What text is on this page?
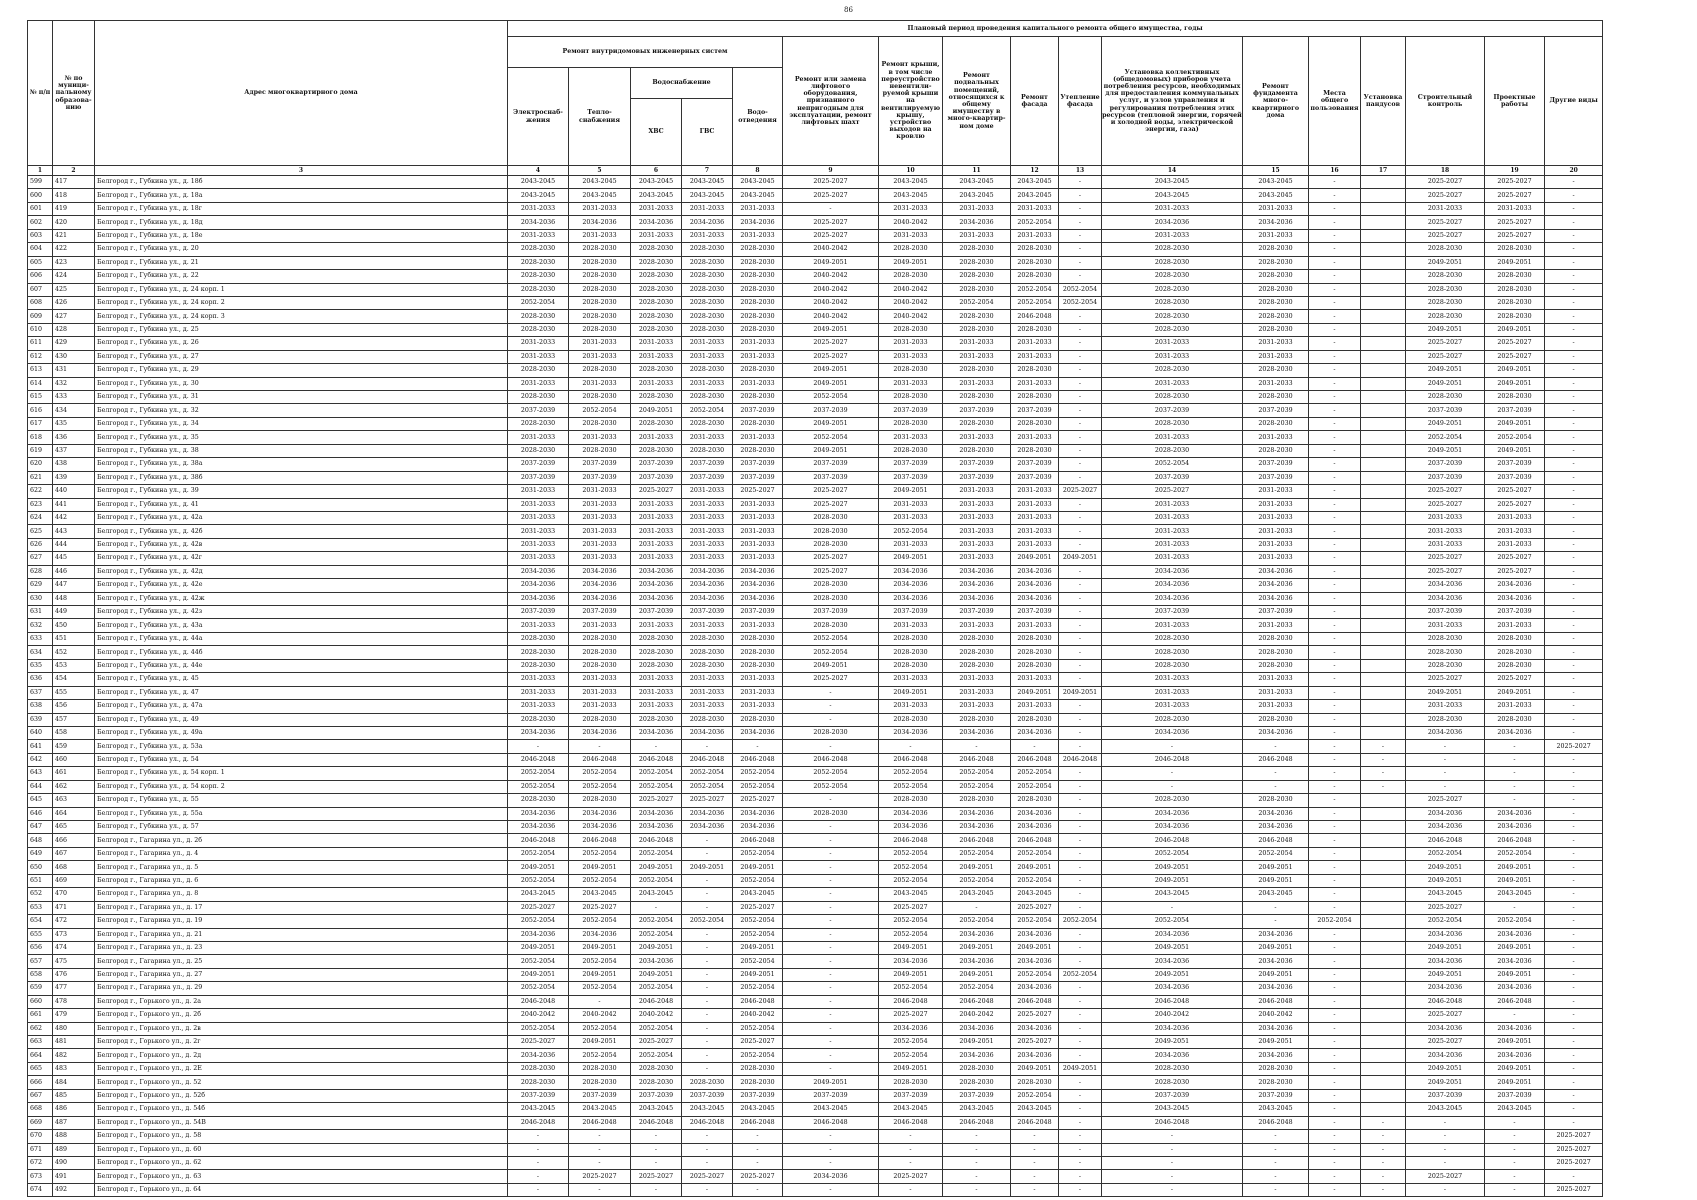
86
№ п/п	№ по муници-пальному образова-нию	Адрес многоквартирного дома	Плановый период проведения капитального ремонта общего имущества, годы																
			Ремонт внутридомовых инженерных систем					Ремонт или замена лифтового оборудования, признанного непригодным для эксплуатации, ремонт лифтовых шахт	Ремонт крыши, в том числе переустройство невентили-руемой крыши на вентилируемую крышу, устройство выходов на кровлю	Ремонт подвальных помещений, относящихся к общему имуществу в много-квартир-ном доме	Ремонт фасада	Утепление фасада	Установка коллективных (общедомовых) приборов учета потребления ресурсов, необходимых для предоставления коммунальных услуг, и узлов управления и регулирования потребления этих ресурсов (тепловой энергии, горячей и холодной воды, электрической энергии, газа)	Ремонт фундамента много-квартирного дома	Места общего пользования	Установка пандусов	Строительный контроль	Проектные работы	Другие виды
			Электроснаб-жения	Тепло-снабжения	Водоснабжение		Водо-отведения												
					ХВС	ГВС													
1	2	3	4	5	6	7	8	9	10	11	12	13	14	15	16	17	18	19	20
599	417	Белгород г., Губкина ул., д. 18б	2043-2045	2043-2045	2043-2045	2043-2045	2043-2045	2025-2027	2043-2045	2043-2045	2043-2045	-	2043-2045	2043-2045	-		2025-2027	2025-2027	-
600	418	Белгород г., Губкина ул., д. 18а	2043-2045	2043-2045	2043-2045	2043-2045	2043-2045	2025-2027	2043-2045	2043-2045	2043-2045	-	2043-2045	2043-2045	-		2025-2027	2025-2027	-
601	419	Белгород г., Губкина ул., д. 18г	2031-2033	2031-2033	2031-2033	2031-2033	2031-2033	-	2031-2033	2031-2033	2031-2033	-	2031-2033	2031-2033	-		2031-2033	2031-2033	-
602	420	Белгород г., Губкина ул., д. 18д	2034-2036	2034-2036	2034-2036	2034-2036	2034-2036	2025-2027	2040-2042	2034-2036	2052-2054	-	2034-2036	2034-2036	-		2025-2027	2025-2027	-
603	421	Белгород г., Губкина ул., д. 18е	2031-2033	2031-2033	2031-2033	2031-2033	2031-2033	2025-2027	2031-2033	2031-2033	2031-2033	-	2031-2033	2031-2033	-		2025-2027	2025-2027	-
604	422	Белгород г., Губкина ул., д. 20	2028-2030	2028-2030	2028-2030	2028-2030	2028-2030	2040-2042	2028-2030	2028-2030	2028-2030	-	2028-2030	2028-2030	-		2028-2030	2028-2030	-
605	423	Белгород г., Губкина ул., д. 21	2028-2030	2028-2030	2028-2030	2028-2030	2028-2030	2049-2051	2049-2051	2028-2030	2028-2030	-	2028-2030	2028-2030	-		2049-2051	2049-2051	-
606	424	Белгород г., Губкина ул., д. 22	2028-2030	2028-2030	2028-2030	2028-2030	2028-2030	2040-2042	2028-2030	2028-2030	2028-2030	-	2028-2030	2028-2030	-		2028-2030	2028-2030	-
607	425	Белгород г., Губкина ул., д. 24 корп. 1	2028-2030	2028-2030	2028-2030	2028-2030	2028-2030	2040-2042	2040-2042	2028-2030	2052-2054	2052-2054	2028-2030	2028-2030	-		2028-2030	2028-2030	-
608	426	Белгород г., Губкина ул., д. 24 корп. 2	2052-2054	2028-2030	2028-2030	2028-2030	2028-2030	2040-2042	2040-2042	2052-2054	2052-2054	2052-2054	2028-2030	2028-2030	-		2028-2030	2028-2030	-
609	427	Белгород г., Губкина ул., д. 24 корп. 3	2028-2030	2028-2030	2028-2030	2028-2030	2028-2030	2040-2042	2040-2042	2028-2030	2046-2048	-	2028-2030	2028-2030	-		2028-2030	2028-2030	-
610	428	Белгород г., Губкина ул., д. 25	2028-2030	2028-2030	2028-2030	2028-2030	2028-2030	2049-2051	2028-2030	2028-2030	2028-2030	-	2028-2030	2028-2030	-		2049-2051	2049-2051	-
611	429	Белгород г., Губкина ул., д. 26	2031-2033	2031-2033	2031-2033	2031-2033	2031-2033	2025-2027	2031-2033	2031-2033	2031-2033	-	2031-2033	2031-2033	-		2025-2027	2025-2027	-
612	430	Белгород г., Губкина ул., д. 27	2031-2033	2031-2033	2031-2033	2031-2033	2031-2033	2025-2027	2031-2033	2031-2033	2031-2033	-	2031-2033	2031-2033	-		2025-2027	2025-2027	-
613	431	Белгород г., Губкина ул., д. 29	2028-2030	2028-2030	2028-2030	2028-2030	2028-2030	2049-2051	2028-2030	2028-2030	2028-2030	-	2028-2030	2028-2030	-		2049-2051	2049-2051	-
614	432	Белгород г., Губкина ул., д. 30	2031-2033	2031-2033	2031-2033	2031-2033	2031-2033	2049-2051	2031-2033	2031-2033	2031-2033	-	2031-2033	2031-2033	-		2049-2051	2049-2051	-
615	433	Белгород г., Губкина ул., д. 31	2028-2030	2028-2030	2028-2030	2028-2030	2028-2030	2052-2054	2028-2030	2028-2030	2028-2030	-	2028-2030	2028-2030	-		2028-2030	2028-2030	-
616	434	Белгород г., Губкина ул., д. 32	2037-2039	2052-2054	2049-2051	2052-2054	2037-2039	2037-2039	2037-2039	2037-2039	2037-2039	-	2037-2039	2037-2039	-		2037-2039	2037-2039	-
617	435	Белгород г., Губкина ул., д. 34	2028-2030	2028-2030	2028-2030	2028-2030	2028-2030	2049-2051	2028-2030	2028-2030	2028-2030	-	2028-2030	2028-2030	-		2049-2051	2049-2051	-
618	436	Белгород г., Губкина ул., д. 35	2031-2033	2031-2033	2031-2033	2031-2033	2031-2033	2052-2054	2031-2033	2031-2033	2031-2033	-	2031-2033	2031-2033	-		2052-2054	2052-2054	-
619	437	Белгород г., Губкина ул., д. 38	2028-2030	2028-2030	2028-2030	2028-2030	2028-2030	2049-2051	2028-2030	2028-2030	2028-2030	-	2028-2030	2028-2030	-		2049-2051	2049-2051	-
620	438	Белгород г., Губкина ул., д. 38а	2037-2039	2037-2039	2037-2039	2037-2039	2037-2039	2037-2039	2037-2039	2037-2039	2037-2039	-	2052-2054	2037-2039	-		2037-2039	2037-2039	-
621	439	Белгород г., Губкина ул., д. 38б	2037-2039	2037-2039	2037-2039	2037-2039	2037-2039	2037-2039	2037-2039	2037-2039	2037-2039	-	2037-2039	2037-2039	-		2037-2039	2037-2039	-
622	440	Белгород г., Губкина ул., д. 39	2031-2033	2031-2033	2025-2027	2031-2033	2025-2027	2025-2027	2049-2051	2031-2033	2031-2033	2025-2027	2025-2027	2031-2033	-		2025-2027	2025-2027	-
623	441	Белгород г., Губкина ул., д. 41	2031-2033	2031-2033	2031-2033	2031-2033	2031-2033	2025-2027	2031-2033	2031-2033	2031-2033	-	2031-2033	2031-2033	-		2025-2027	2025-2027	-
624	442	Белгород г., Губкина ул., д. 42а	2031-2033	2031-2033	2031-2033	2031-2033	2031-2033	2028-2030	2031-2033	2031-2033	2031-2033	-	2031-2033	2031-2033	-		2031-2033	2031-2033	-
625	443	Белгород г., Губкина ул., д. 42б	2031-2033	2031-2033	2031-2033	2031-2033	2031-2033	2028-2030	2052-2054	2031-2033	2031-2033	-	2031-2033	2031-2033	-		2031-2033	2031-2033	-
626	444	Белгород г., Губкина ул., д. 42в	2031-2033	2031-2033	2031-2033	2031-2033	2031-2033	2028-2030	2031-2033	2031-2033	2031-2033	-	2031-2033	2031-2033	-		2031-2033	2031-2033	-
627	445	Белгород г., Губкина ул., д. 42г	2031-2033	2031-2033	2031-2033	2031-2033	2031-2033	2025-2027	2049-2051	2031-2033	2049-2051	2049-2051	2031-2033	2031-2033	-		2025-2027	2025-2027	-
628	446	Белгород г., Губкина ул., д. 42д	2034-2036	2034-2036	2034-2036	2034-2036	2034-2036	2025-2027	2034-2036	2034-2036	2034-2036	-	2034-2036	2034-2036	-		2025-2027	2025-2027	-
629	447	Белгород г., Губкина ул., д. 42е	2034-2036	2034-2036	2034-2036	2034-2036	2034-2036	2028-2030	2034-2036	2034-2036	2034-2036	-	2034-2036	2034-2036	-		2034-2036	2034-2036	-
630	448	Белгород г., Губкина ул., д. 42ж	2034-2036	2034-2036	2034-2036	2034-2036	2034-2036	2028-2030	2034-2036	2034-2036	2034-2036	-	2034-2036	2034-2036	-		2034-2036	2034-2036	-
631	449	Белгород г., Губкина ул., д. 42з	2037-2039	2037-2039	2037-2039	2037-2039	2037-2039	2037-2039	2037-2039	2037-2039	2037-2039	-	2037-2039	2037-2039	-		2037-2039	2037-2039	-
632	450	Белгород г., Губкина ул., д. 43а	2031-2033	2031-2033	2031-2033	2031-2033	2031-2033	2028-2030	2031-2033	2031-2033	2031-2033	-	2031-2033	2031-2033	-		2031-2033	2031-2033	-
633	451	Белгород г., Губкина ул., д. 44а	2028-2030	2028-2030	2028-2030	2028-2030	2028-2030	2052-2054	2028-2030	2028-2030	2028-2030	-	2028-2030	2028-2030	-		2028-2030	2028-2030	-
634	452	Белгород г., Губкина ул., д. 44б	2028-2030	2028-2030	2028-2030	2028-2030	2028-2030	2052-2054	2028-2030	2028-2030	2028-2030	-	2028-2030	2028-2030	-		2028-2030	2028-2030	-
635	453	Белгород г., Губкина ул., д. 44е	2028-2030	2028-2030	2028-2030	2028-2030	2028-2030	2049-2051	2028-2030	2028-2030	2028-2030	-	2028-2030	2028-2030	-		2028-2030	2028-2030	-
636	454	Белгород г., Губкина ул., д. 45	2031-2033	2031-2033	2031-2033	2031-2033	2031-2033	2025-2027	2031-2033	2031-2033	2031-2033	-	2031-2033	2031-2033	-		2025-2027	2025-2027	-
637	455	Белгород г., Губкина ул., д. 47	2031-2033	2031-2033	2031-2033	2031-2033	2031-2033	-	2049-2051	2031-2033	2049-2051	2049-2051	2031-2033	2031-2033	-		2049-2051	2049-2051	-
638	456	Белгород г., Губкина ул., д. 47а	2031-2033	2031-2033	2031-2033	2031-2033	2031-2033	-	2031-2033	2031-2033	2031-2033	-	2031-2033	2031-2033	-		2031-2033	2031-2033	-
639	457	Белгород г., Губкина ул., д. 49	2028-2030	2028-2030	2028-2030	2028-2030	2028-2030	-	2028-2030	2028-2030	2028-2030	-	2028-2030	2028-2030	-		2028-2030	2028-2030	-
640	458	Белгород г., Губкина ул., д. 49а	2034-2036	2034-2036	2034-2036	2034-2036	2034-2036	2028-2030	2034-2036	2034-2036	2034-2036	-	2034-2036	2034-2036	-		2034-2036	2034-2036	-
641	459	Белгород г., Губкина ул., д. 53а	-	-	-	-	-	-	-	-	-	-	-	-	-	-	-	-	2025-2027
642	460	Белгород г., Губкина ул., д. 54	2046-2048	2046-2048	2046-2048	2046-2048	2046-2048	2046-2048	2046-2048	2046-2048	2046-2048	2046-2048	2046-2048	2046-2048	-	-	-	-	-
643	461	Белгород г., Губкина ул., д. 54 корп. 1	2052-2054	2052-2054	2052-2054	2052-2054	2052-2054	2052-2054	2052-2054	2052-2054	2052-2054	-	-	-	-	-	-	-	-
644	462	Белгород г., Губкина ул., д. 54 корп. 2	2052-2054	2052-2054	2052-2054	2052-2054	2052-2054	2052-2054	2052-2054	2052-2054	2052-2054	-	-	-	-	-	-	-	-
645	463	Белгород г., Губкина ул., д. 55	2028-2030	2028-2030	2025-2027	2025-2027	2025-2027	-	2028-2030	2028-2030	2028-2030	-	2028-2030	2028-2030	-		2025-2027	-	-
646	464	Белгород г., Губкина ул., д. 55а	2034-2036	2034-2036	2034-2036	2034-2036	2034-2036	2028-2030	2034-2036	2034-2036	2034-2036	-	2034-2036	2034-2036	-		2034-2036	2034-2036	-
647	465	Белгород г., Губкина ул., д. 57	2034-2036	2034-2036	2034-2036	2034-2036	2034-2036	-	2034-2036	2034-2036	2034-2036	-	2034-2036	2034-2036	-		2034-2036	2034-2036	-
648	466	Белгород г., Гагарина ул., д. 2б	2046-2048	2046-2048	2046-2048	-	2046-2048	-	2046-2048	2046-2048	2046-2048	-	2046-2048	2046-2048	-		2046-2048	2046-2048	-
649	467	Белгород г., Гагарина ул., д. 4	2052-2054	2052-2054	2052-2054	-	2052-2054	-	2052-2054	2052-2054	2052-2054	-	2052-2054	2052-2054	-		2052-2054	2052-2054	-
650	468	Белгород г., Гагарина ул., д. 5	2049-2051	2049-2051	2049-2051	2049-2051	2049-2051	-	2052-2054	2049-2051	2049-2051	-	2049-2051	2049-2051	-		2049-2051	2049-2051	-
651	469	Белгород г., Гагарина ул., д. 6	2052-2054	2052-2054	2052-2054	-	2052-2054	-	2052-2054	2052-2054	2052-2054	-	2049-2051	2049-2051	-		2049-2051	2049-2051	-
652	470	Белгород г., Гагарина ул., д. 8	2043-2045	2043-2045	2043-2045	-	2043-2045	-	2043-2045	2043-2045	2043-2045	-	2043-2045	2043-2045	-		2043-2045	2043-2045	-
653	471	Белгород г., Гагарина ул., д. 17	2025-2027	2025-2027	-	-	2025-2027	-	2025-2027	-	2025-2027	-	-	-	-		2025-2027	-	-
654	472	Белгород г., Гагарина ул., д. 19	2052-2054	2052-2054	2052-2054	2052-2054	2052-2054	-	2052-2054	2052-2054	2052-2054	2052-2054	2052-2054	-	2052-2054		2052-2054	2052-2054	-
655	473	Белгород г., Гагарина ул., д. 21	2034-2036	2034-2036	2052-2054	-	2052-2054	-	2052-2054	2034-2036	2034-2036	-	2034-2036	2034-2036	-		2034-2036	2034-2036	-
656	474	Белгород г., Гагарина ул., д. 23	2049-2051	2049-2051	2049-2051	-	2049-2051	-	2049-2051	2049-2051	2049-2051	-	2049-2051	2049-2051	-		2049-2051	2049-2051	-
657	475	Белгород г., Гагарина ул., д. 25	2052-2054	2052-2054	2034-2036	-	2052-2054	-	2034-2036	2034-2036	2034-2036	-	2034-2036	2034-2036	-		2034-2036	2034-2036	-
658	476	Белгород г., Гагарина ул., д. 27	2049-2051	2049-2051	2049-2051	-	2049-2051	-	2049-2051	2049-2051	2052-2054	2052-2054	2049-2051	2049-2051	-		2049-2051	2049-2051	-
659	477	Белгород г., Гагарина ул., д. 29	2052-2054	2052-2054	2052-2054	-	2052-2054	-	2052-2054	2052-2054	2034-2036	-	2034-2036	2034-2036	-		2034-2036	2034-2036	-
660	478	Белгород г., Горького ул., д. 2а	2046-2048	-	2046-2048	-	2046-2048	-	2046-2048	2046-2048	2046-2048	-	2046-2048	2046-2048	-		2046-2048	2046-2048	-
661	479	Белгород г., Горького ул., д. 2б	2040-2042	2040-2042	2040-2042	-	2040-2042	-	2025-2027	2040-2042	2025-2027	-	2040-2042	2040-2042	-		2025-2027	-	-
662	480	Белгород г., Горького ул., д. 2в	2052-2054	2052-2054	2052-2054	-	2052-2054	-	2034-2036	2034-2036	2034-2036	-	2034-2036	2034-2036	-		2034-2036	2034-2036	-
663	481	Белгород г., Горького ул., д. 2г	2025-2027	2049-2051	2025-2027	-	2025-2027	-	2052-2054	2049-2051	2025-2027	-	2049-2051	2049-2051	-		2025-2027	2049-2051	-
664	482	Белгород г., Горького ул., д. 2д	2034-2036	2052-2054	2052-2054	-	2052-2054	-	2052-2054	2034-2036	2034-2036	-	2034-2036	2034-2036	-		2034-2036	2034-2036	-
665	483	Белгород г., Горького ул., д. 2Е	2028-2030	2028-2030	2028-2030	-	2028-2030	-	2049-2051	2028-2030	2049-2051	2049-2051	2028-2030	2028-2030	-		2049-2051	2049-2051	-
666	484	Белгород г., Горького ул., д. 52	2028-2030	2028-2030	2028-2030	2028-2030	2028-2030	2049-2051	2028-2030	2028-2030	2028-2030	-	2028-2030	2028-2030	-		2049-2051	2049-2051	-
667	485	Белгород г., Горького ул., д. 52б	2037-2039	2037-2039	2037-2039	2037-2039	2037-2039	2037-2039	2037-2039	2037-2039	2052-2054	-	2037-2039	2037-2039	-		2037-2039	2037-2039	-
668	486	Белгород г., Горького ул., д. 54б	2043-2045	2043-2045	2043-2045	2043-2045	2043-2045	2043-2045	2043-2045	2043-2045	2043-2045	-	2043-2045	2043-2045	-		2043-2045	2043-2045	-
669	487	Белгород г., Горького ул., д. 54В	2046-2048	2046-2048	2046-2048	2046-2048	2046-2048	2046-2048	2046-2048	2046-2048	2046-2048	-	2046-2048	2046-2048	-	-	-	-	-
670	488	Белгород г., Горького ул., д. 58	-	-	-	-	-	-	-	-	-	-	-	-	-	-	-	-	2025-2027
671	489	Белгород г., Горького ул., д. 60	-	-	-	-	-	-	-	-	-	-	-	-	-	-	-	-	2025-2027
672	490	Белгород г., Горького ул., д. 62	-	-	-	-	-	-	-	-	-	-	-	-	-	-	-	-	2025-2027
673	491	Белгород г., Горького ул., д. 63	-	2025-2027	2025-2027	2025-2027	2025-2027	2034-2036	2025-2027	-	-	-	-	-	-	-	2025-2027	-	-
674	492	Белгород г., Горького ул., д. 64	-	-	-	-	-	-	-	-	-	-	-	-	-	-	-	-	2025-2027
